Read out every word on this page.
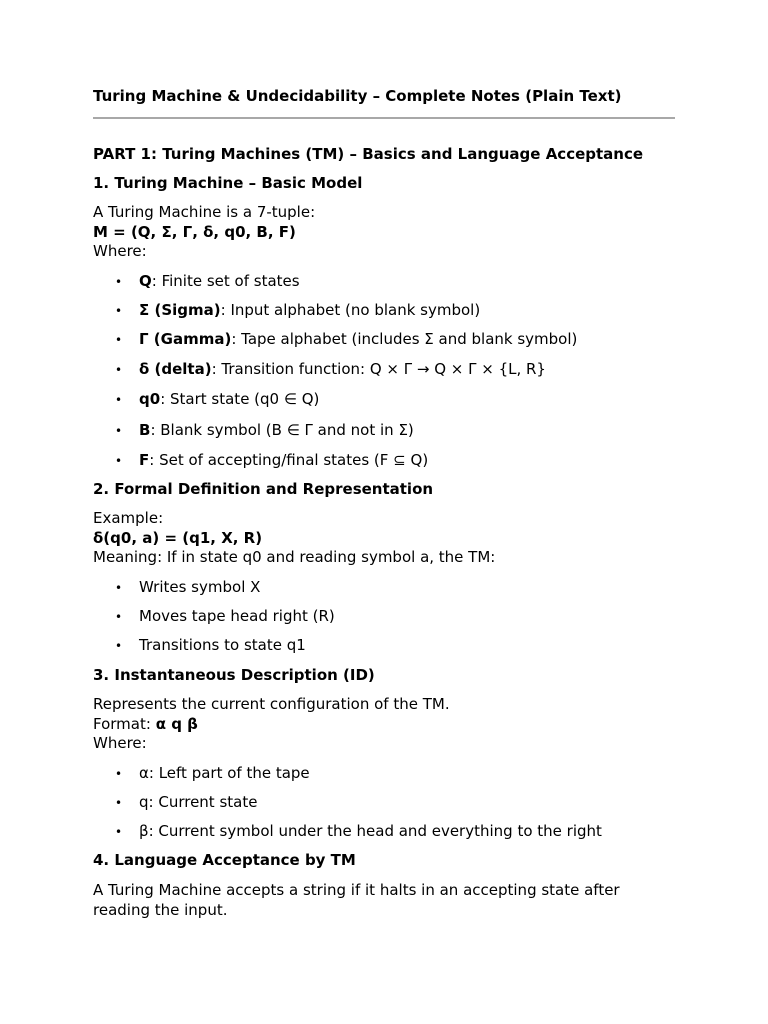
Turing Machine & Undecidability – Complete Notes (Plain Text)
PART 1: Turing Machines (TM) – Basics and Language Acceptance
1. Turing Machine – Basic Model
A Turing Machine is a 7-tuple:
M = (Q, Σ, Γ, δ, q0, B, F)
Where:
• Q: Finite set of states
• Σ (Sigma): Input alphabet (no blank symbol)
• Γ (Gamma): Tape alphabet (includes Σ and blank symbol)
• δ (delta): Transition function: Q × Γ → Q × Γ × {L, R}
• q0: Start state (q0 ∈ Q)
• B: Blank symbol (B ∈ Γ and not in Σ)
• F: Set of accepting/final states (F ⊆ Q)
2. Formal Definition and Representation
Example:
δ(q0, a) = (q1, X, R)
Meaning: If in state q0 and reading symbol a, the TM:
• Writes symbol X
• Moves tape head right (R)
• Transitions to state q1
3. Instantaneous Description (ID)
Represents the current configuration of the TM.
Format: α q β
Where:
• α: Left part of the tape
• q: Current state
• β: Current symbol under the head and everything to the right
4. Language Acceptance by TM
A Turing Machine accepts a string if it halts in an accepting state after reading the input.
